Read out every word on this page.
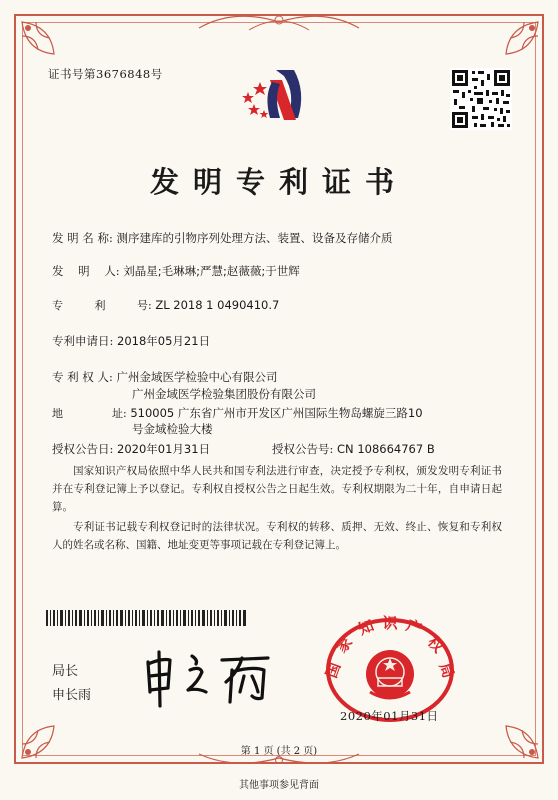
证书号第3676848号
发明专利证书
发 明 名 称: 测序建库的引物序列处理方法、装置、设备及存储介质
发    明    人: 刘晶星;毛琳琳;严慧;赵薇薇;于世辉
专         利         号: ZL 2018 1 0490410.7
专利申请日: 2018年05月21日
专 利 权 人: 广州金域医学检验中心有限公司
广州金域医学检验集团股份有限公司
地              址: 510005 广东省广州市开发区广州国际生物岛螺旋三路10
号金域检验大楼
授权公告日: 2020年01月31日	授权公告号: CN 108664767 B
国家知识产权局依照中华人民共和国专利法进行审查，决定授予专利权，颁发发明专利证书并在专利登记簿上予以登记。专利权自授权公告之日起生效。专利权期限为二十年，自申请日起算。
专利证书记载专利权登记时的法律状况。专利权的转移、质押、无效、终止、恢复和专利权人的姓名或名称、国籍、地址变更等事项记载在专利登记簿上。
局长
申长雨
国
家
知 识 产
权
局
2020年01月31日
第 1 页 (共 2 页)
其他事项参见背面
